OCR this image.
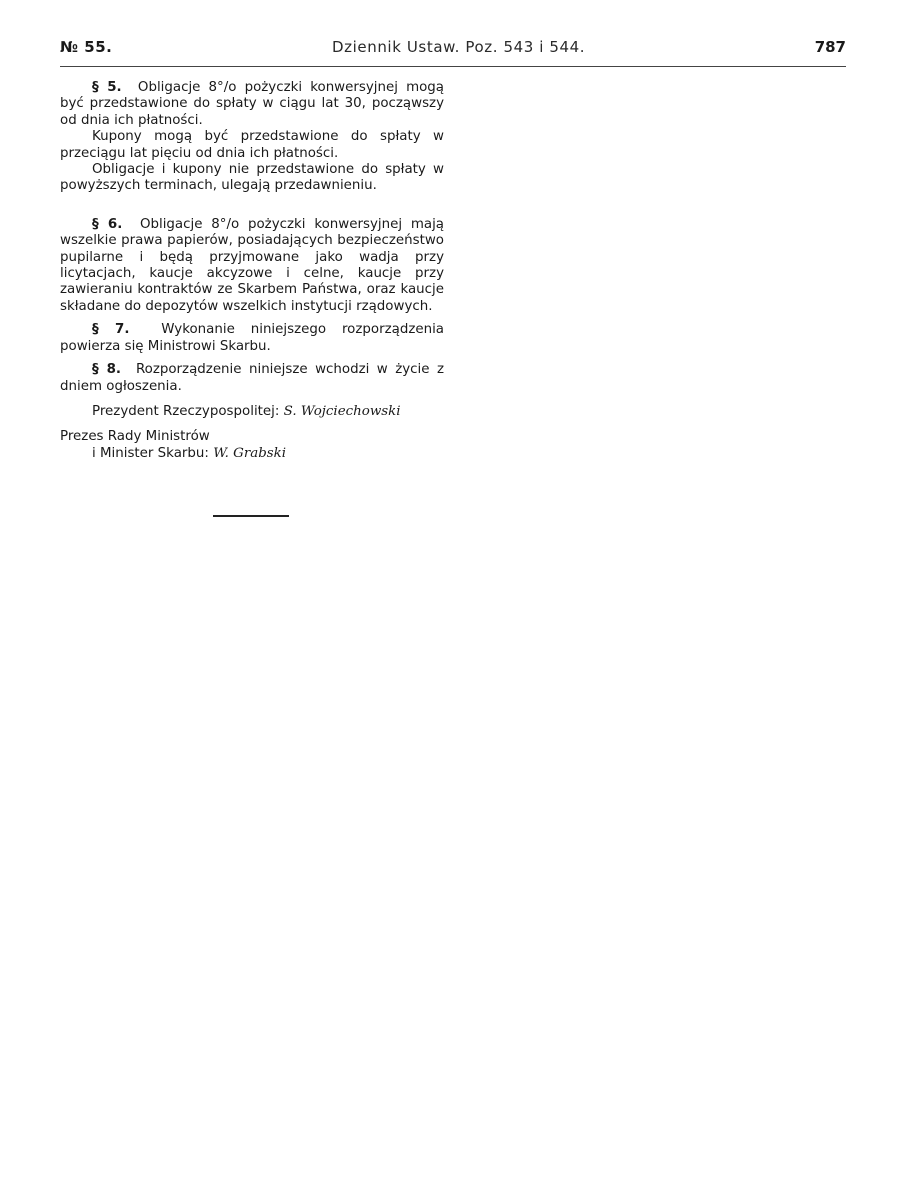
№ 55.	Dziennik Ustaw. Poz. 543 i 544.	787

§ 5. Obligacje 8°/o pożyczki konwersyjnej mogą być przedstawione do spłaty w ciągu lat 30, począwszy od dnia ich płatności.

Kupony mogą być przedstawione do spłaty w przeciągu lat pięciu od dnia ich płatności.

Obligacje i kupony nie przedstawione do spłaty w powyższych terminach, ulegają przedawnieniu.

§ 6. Obligacje 8°/o pożyczki konwersyjnej mają wszelkie prawa papierów, posiadających bezpieczeństwo pupilarne i będą przyjmowane jako wadja przy licytacjach, kaucje akcyzowe i celne, kaucje przy zawieraniu kontraktów ze Skarbem Państwa, oraz kaucje składane do depozytów wszelkich instytucji rządowych.

§ 7. Wykonanie niniejszego rozporządzenia powierza się Ministrowi Skarbu.

§ 8. Rozporządzenie niniejsze wchodzi w życie z dniem ogłoszenia.

Prezydent Rzeczypospolitej: S. Wojciechowski

Prezes Rady Ministrów
i Minister Skarbu: W. Grabski
